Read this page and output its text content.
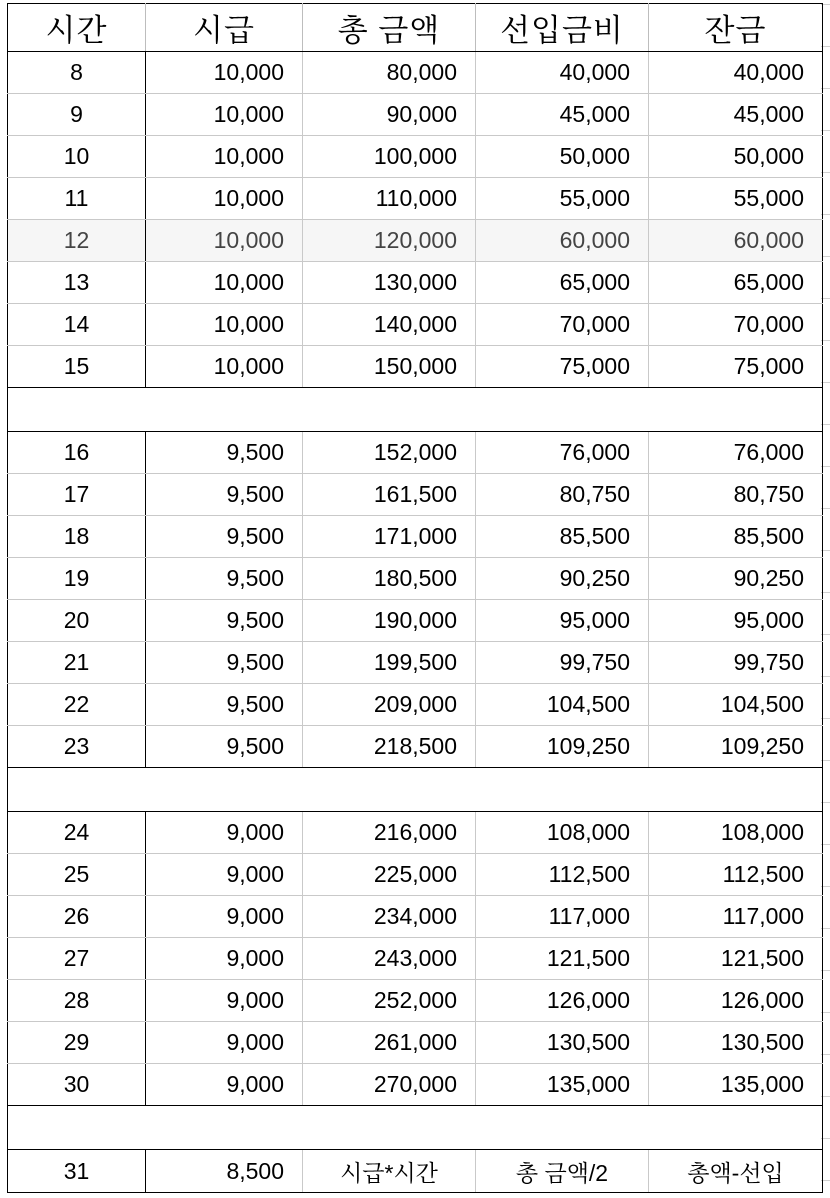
시간	시급	총 금액	선입금비	잔금
8	10,000	80,000	40,000	40,000
9	10,000	90,000	45,000	45,000
10	10,000	100,000	50,000	50,000
11	10,000	110,000	55,000	55,000
12	10,000	120,000	60,000	60,000
13	10,000	130,000	65,000	65,000
14	10,000	140,000	70,000	70,000
15	10,000	150,000	75,000	75,000

16	9,500	152,000	76,000	76,000
17	9,500	161,500	80,750	80,750
18	9,500	171,000	85,500	85,500
19	9,500	180,500	90,250	90,250
20	9,500	190,000	95,000	95,000
21	9,500	199,500	99,750	99,750
22	9,500	209,000	104,500	104,500
23	9,500	218,500	109,250	109,250

24	9,000	216,000	108,000	108,000
25	9,000	225,000	112,500	112,500
26	9,000	234,000	117,000	117,000
27	9,000	243,000	121,500	121,500
28	9,000	252,000	126,000	126,000
29	9,000	261,000	130,500	130,500
30	9,000	270,000	135,000	135,000

31	8,500	시급*시간	총 금액/2	총액-선입
